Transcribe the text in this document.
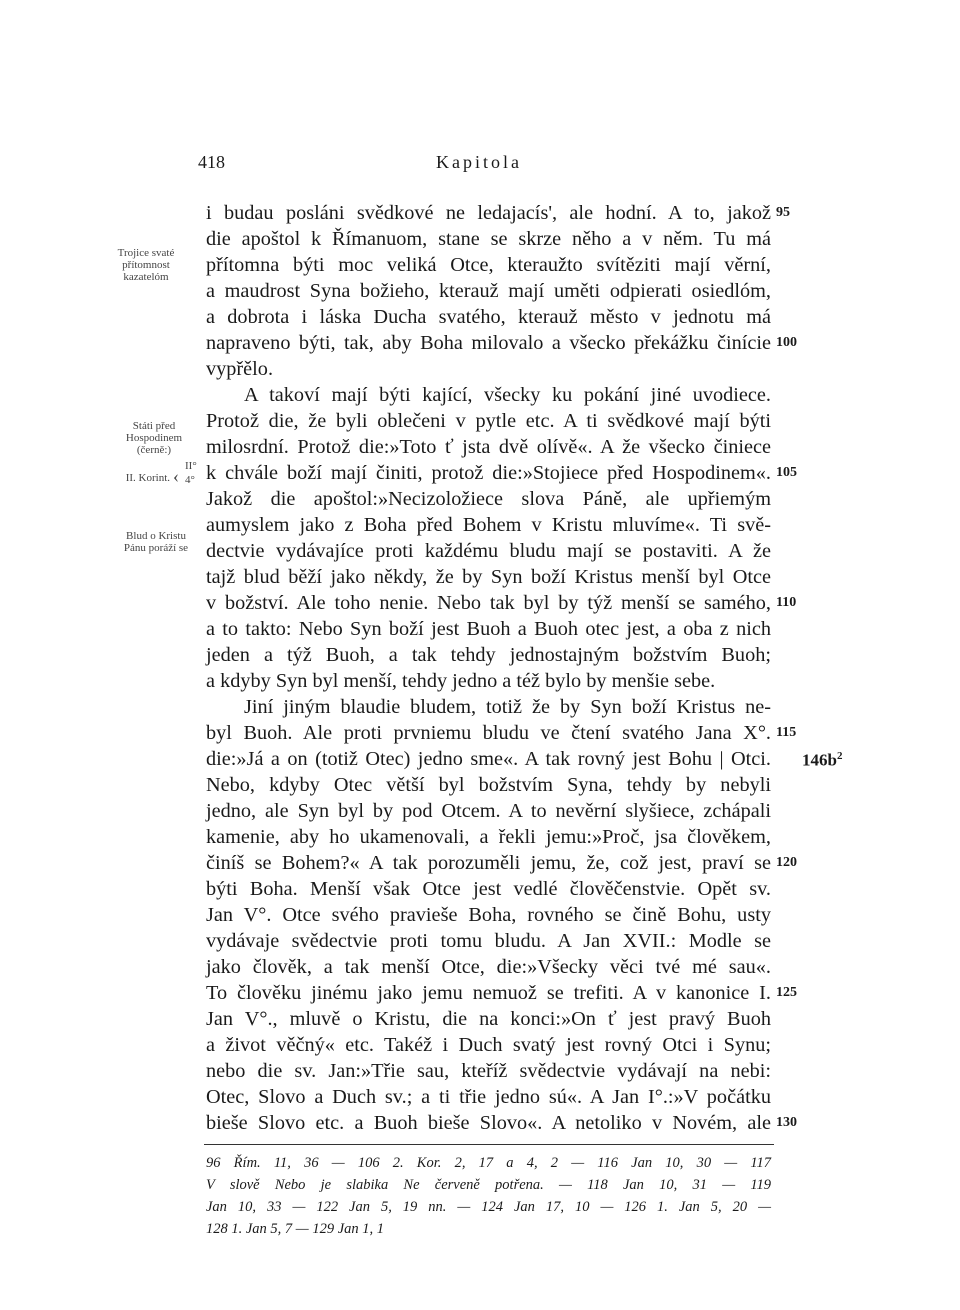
418	Kapitola
Trojice svaté
přítomnost
kazatelóm
Státi před
Hospodinem
(černě:)
II. Korint. ‹ II°
4°
Blud o Kristu
Pánu poráží se
i budau posláni svědkové ne ledajacís', ale hodní. A to, jakož
die apoštol k Římanuom, stane se skrze něho a v něm. Tu má
přítomna býti moc veliká Otce, kteraužto svítěziti mají věrní,
a maudrost Syna božieho, kterauž mají uměti odpierati osiedlóm,
a dobrota i láska Ducha svatého, kterauž město v jednotu má
napraveno býti, tak, aby Boha milovalo a všecko překážku činície
vypřělo.
A takoví mají býti kající, všecky ku pokání jiné uvodiece.
Protož die, že byli oblečeni v pytle etc. A ti svědkové mají býti
milosrdní. Protož die:»Toto ť jsta dvě olívě«. A že všecko činiece
k chvále boží mají činiti, protož die:»Stojiece před Hospodinem«.
Jakož die apoštol:»Necizoložiece slova Páně, ale upřiemým
aumyslem jako z Boha před Bohem v Kristu mluvíme«. Ti svě-
dectvie vydávajíce proti každému bludu mají se postaviti. A že
tajž blud běží jako někdy, že by Syn boží Kristus menší byl Otce
v božství. Ale toho nenie. Nebo tak byl by týž menší se samého,
a to takto: Nebo Syn boží jest Buoh a Buoh otec jest, a oba z nich
jeden a týž Buoh, a tak tehdy jednostajným božstvím Buoh;
a kdyby Syn byl menší, tehdy jedno a též bylo by menšie sebe.
Jiní jiným blaudie bludem, totiž že by Syn boží Kristus ne-
byl Buoh. Ale proti prvniemu bludu ve čtení svatého Jana X°.
die:»Já a on (totiž Otec) jedno sme«. A tak rovný jest Bohu | Otci.
Nebo, kdyby Otec větší byl božstvím Syna, tehdy by nebyli
jedno, ale Syn byl by pod Otcem. A to nevěrní slyšiece, zchápali
kamenie, aby ho ukamenovali, a řekli jemu:»Proč, jsa člověkem,
činíš se Bohem?« A tak porozuměli jemu, že, což jest, praví se
býti Boha. Menší však Otce jest vedlé člověčenstvie. Opět sv.
Jan V°. Otce svého praviešе Boha, rovného se čině Bohu, usty
vydávaje svědectvie proti tomu bludu. A Jan XVII.: Modle se
jako člověk, a tak menší Otce, die:»Všecky věci tvé mé sau«.
To člověku jinému jako jemu nemuož se trefiti. A v kanonice I.
Jan V°., mluvě o Kristu, die na konci:»On ť jest pravý Buoh
a život věčný« etc. Takéž i Duch svatý jest rovný Otci i Synu;
nebo die sv. Jan:»Třie sau, kteříž svědectvie vydávají na nebi:
Otec, Slovo a Duch sv.; a ti třie jedno sú«. A Jan I°.:»V počátku
bieše Slovo etc. a Buoh bieše Slovo«. A netoliko v Novém, ale
95
100
105
110
115
120
125
130
$146b^2$
96 Řím. 11, 36 — 106 2. Kor. 2, 17 a 4, 2 — 116 Jan 10, 30 — 117
V slově Nebo je slabika Ne červeně potřena. — 118 Jan 10, 31 — 119
Jan 10, 33 — 122 Jan 5, 19 nn. — 124 Jan 17, 10 — 126 1. Jan 5, 20 —
128 1. Jan 5, 7 — 129 Jan 1, 1
